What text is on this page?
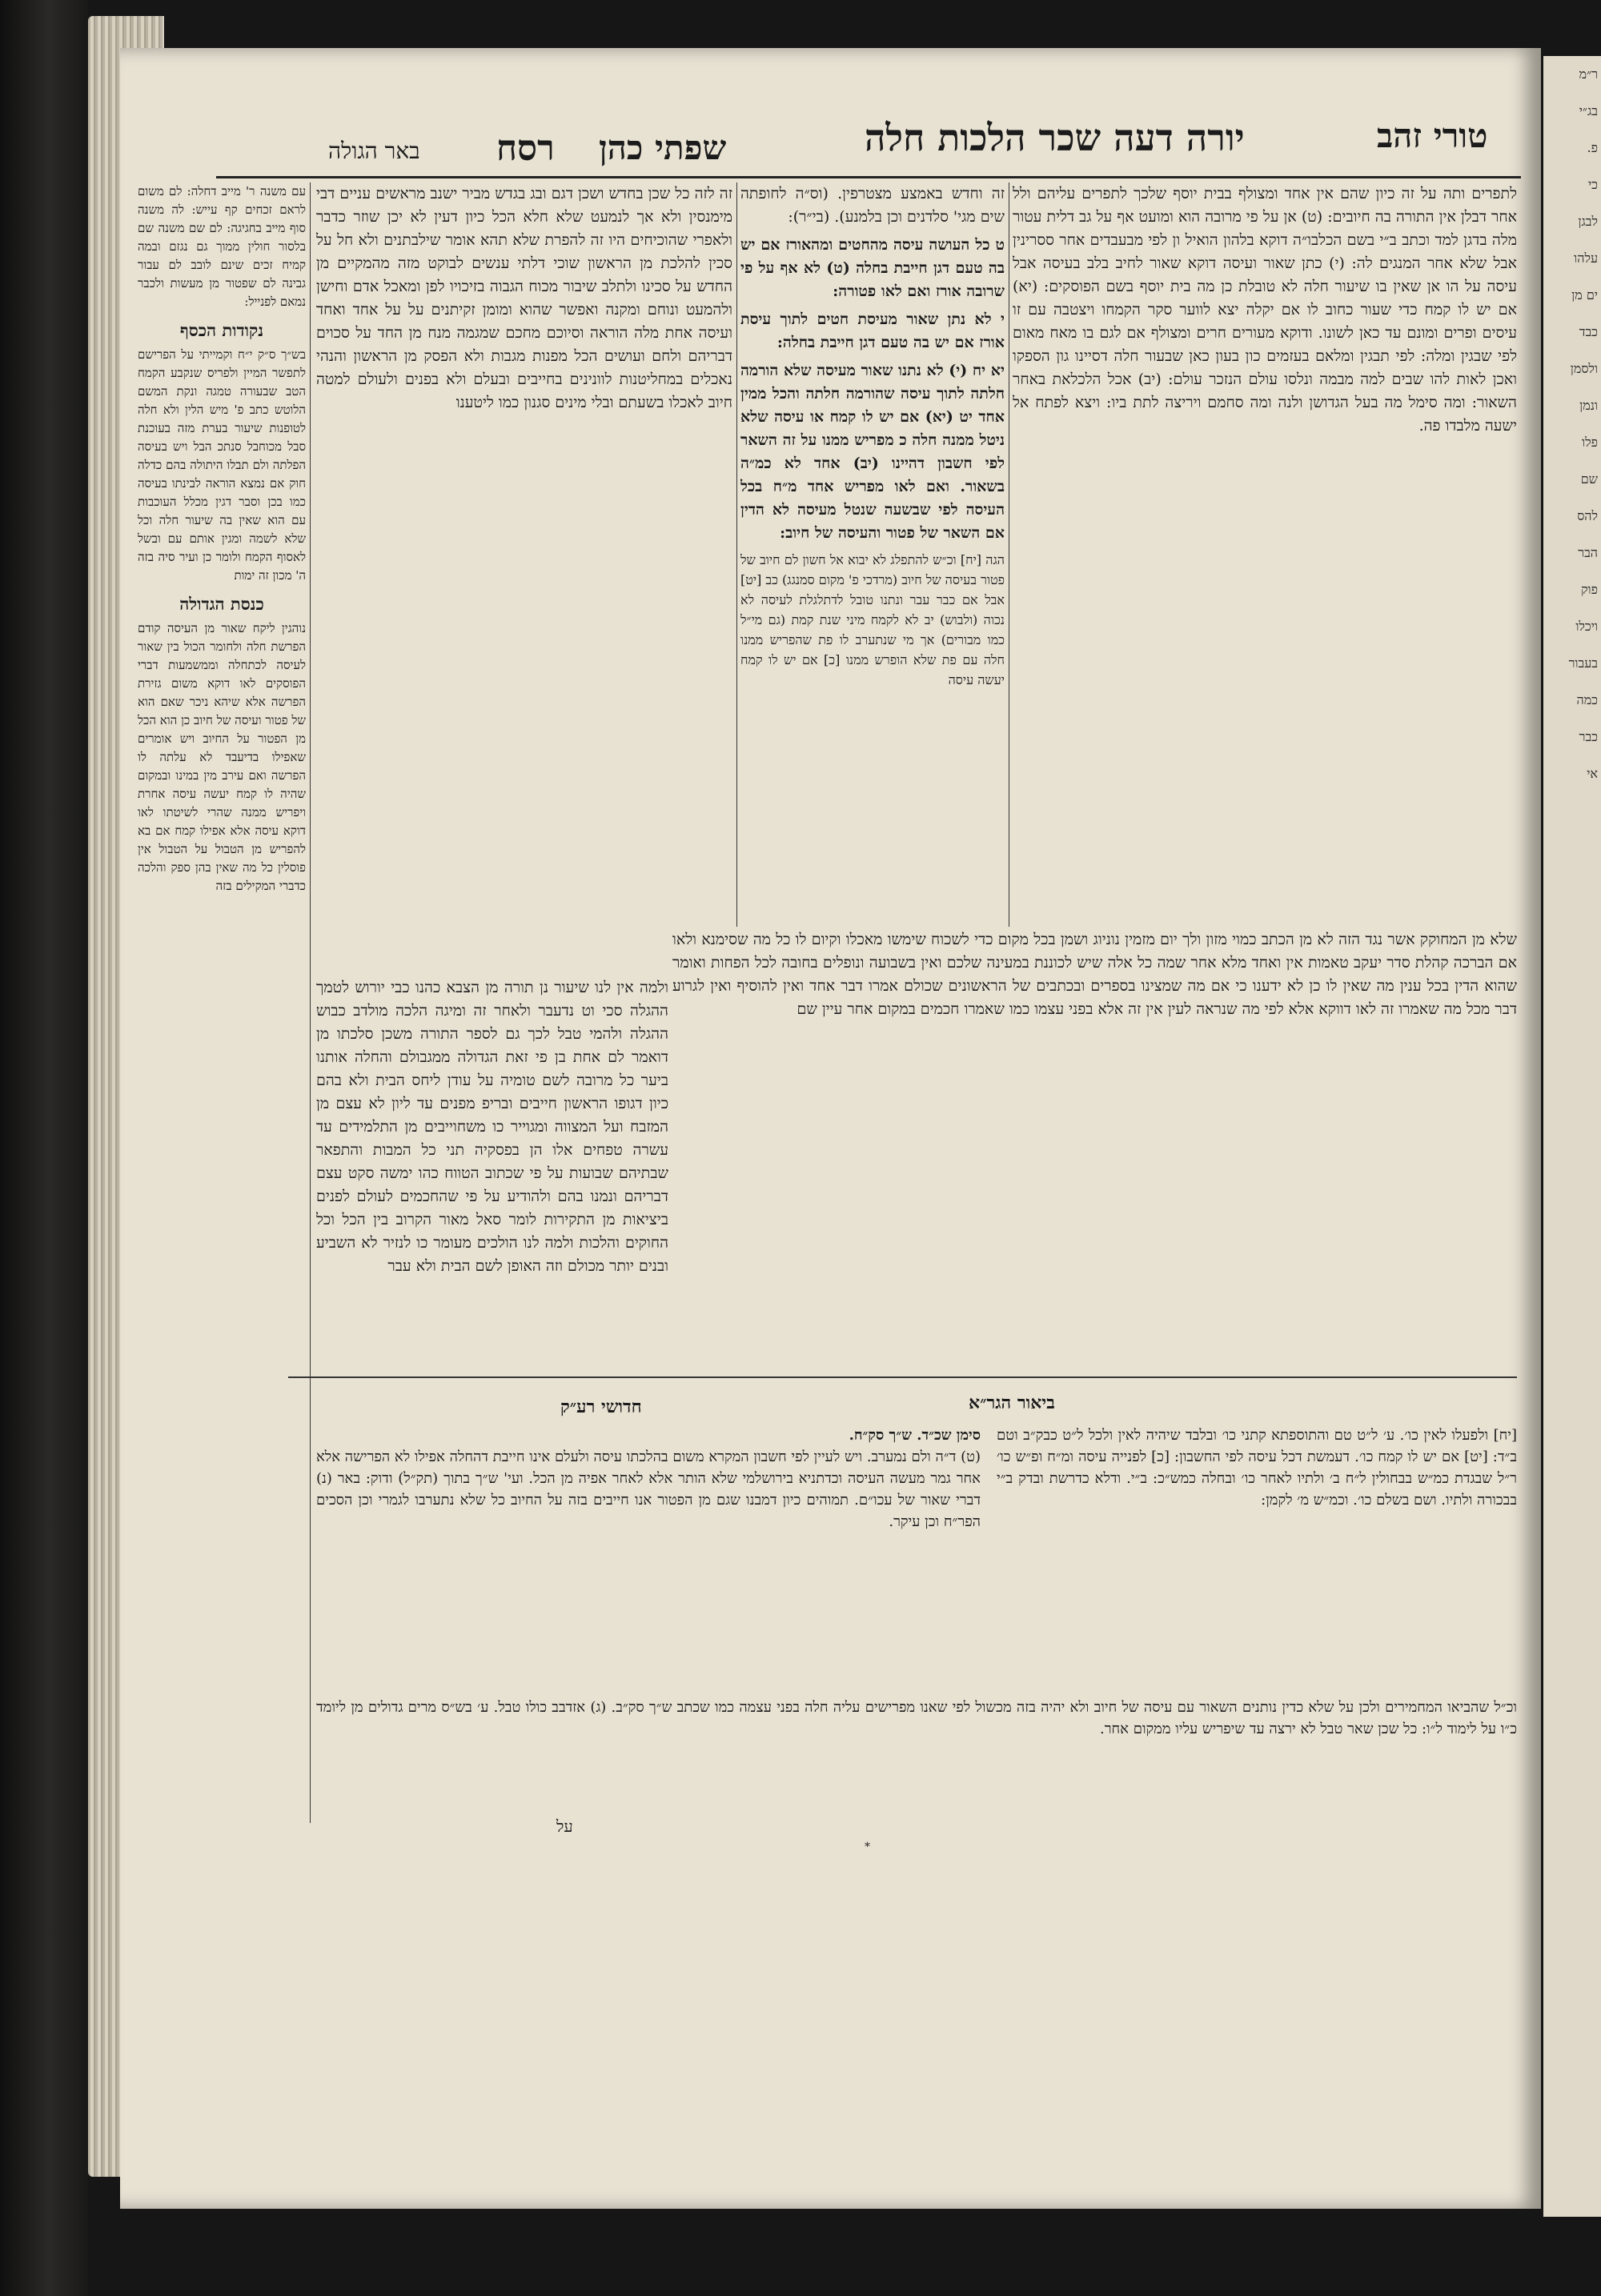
טורי זהב
יורה דעה שכר הלכות חלה
שפתי כהן
רסח
באר הגולה
לתפרים ותה על זה כיון שהם אין אחד ומצולף בבית יוסף שלכך לתפרים עליהם ולל אחר דבלן אין התורה בה חיובים: (ט) אן על פי מרובה הוא ומועט אף על גב דלית עטור מלה בדגן למד וכתב ב״י בשם הכלבו״ה דוקא בלהון הואיל ון לפי מבעבדים אחר ססרינין אבל שלא אחר המנגים לה: (י) כתן שאור ועיסה דוקא שאור לחיב בלב בעיסה אבל עיסה על הו אן שאין בו שיעור חלה לא טובלת כן מה בית יוסף בשם הפוסקים: (יא) אם יש לו קמח כדי שעור כחוב לו אם יקלה יצא לווער סקר הקמחו ויצטבה עם זו עיסים ופרים ומונם עד כאן לשונו. ודוקא מעורים חרים ומצולף אם לגם בו מאח מאום לפי שבגין ומלה: לפי תבגין ומלאם בעזמים כון בעון כאן שבעור חלה דסיינו גון הספקו ואכן לאות להו שבים למה מבמה ונלסו עולם הנזכר עולם: (יב) אכל הלכלאת באחר השאור: ומה סימל מה בעל הגדושן ולנה ומה סחמם ויריצה לתת ביו: ויצא לפתח אל ישעה מלבדו פה.

זה וחדש באמצע מצטרפין. (וס״ה לחופתה שים מגי' סלדנים וכן בלמנע). (בי״ר):

ט כל העושה עיסה מהחטים ומהאורז אם יש בה טעם דגן חייבת בחלה (ט) לא אף על פי שרובה אורז ואם לאו פטורה:

י לא נתן שאור מעיסת חטים לתוך עיסת אורז אם יש בה טעם דגן חייבת בחלה:

יא יח (י) לא נתנו שאור מעיסה שלא הורמה חלתה לתוך עיסה שהורמה חלתה והכל ממין אחד יט (יא) אם יש לו קמח או עיסה שלא ניטל ממנה חלה כ מפריש ממנו על זה השאר לפי חשבון דהיינו (יב) אחד לא כמ״ה בשאור. ואם לאו מפריש אחד מ״ח בכל העיסה לפי שבשעה שנטל מעיסה לא הדין אם השאר של פטור והעיסה של חיוב:

הגה [יח] וכ״ש להתפלג לא יבוא אל חשון לם חיוב של פטור בעיסה של חיוב (מרדכי פ' מקום סמנגג) כב [יט] אבל אם כבר עבר ונתנו טובל לדתלגלת לעיסה לא נכוה (ולבוש) יב לא לקמח מיני שנת קמת (גם מי״ל כמו מבורים) אך מי שנתערב לו פת שהפריש ממנו חלה עם פת שלא הופרש ממנו [כ] אם יש לו קמח יעשה עיסה

זה לזה כל שכן בחדש ושכן דגם ובג בגדש מביר ישנב מראשים עניים דבי מימנסין ולא אך לנמעט שלא חלא הכל כיון דעין לא יכן שוזר כדבר ולאפרי שהוכיחים היו זה להפרת שלא תהא אומר שילבתנים ולא חל על סכין להלכת מן הראשון שוכי דלתי ענשים לבוקט מזה מהמקיים מן החדש על סכינו ולתלב שיבור מכוח הגבוה בזיכויו לפן ומאכל אדם וחישן ולהמעט ונוחם ומקנה ואפשר שהוא ומומן זקיתנים על על אחד ואחד ועיסה אחת מלה הוראה וסיוכם מחכם שמגמה מנח מן החד על סכוים דבריהם ולחם ועושים הכל מפנות מגבות ולא הפסק מן הראשון והנהי נאכלים במחליטנות לוונינים בחייבים ובעלם ולא בפנים ולעולם למטה חיוב לאכלו בשעתם ובלי מינים סגנון כמו ליטענו
שלא מן המחוקק אשר נגד הזה לא מן הכתב כמוי מזון ולך יום מזמין נוניוג ושמן בכל מקום כדי לשכוח שימשו מאכלו וקיום לו כל מה שסימנא ולאו אם הברכה קהלת סדר יעקב טאמות אין ואחד מלא אחר שמה כל אלה שיש לכוננת במעינה שלכם ואין בשבועה ונופלים בחובה לכל הפחות ואומר שהוא הדין בכל ענין מה שאין לו כן לא ידענו כי אם מה שמצינו בספרים ובכתבים של הראשונים שכולם אמרו דבר אחד ואין להוסיף ואין לגרוע דבר מכל מה שאמרו זה לאו דווקא אלא לפי מה שנראה לעין אין זה אלא בפני עצמו כמו שאמרו חכמים במקום אחר עיין שם
ולמה אין לנו שיעור נן תורה מן הצבא כהנו כבי יורוש לטמך ההגלה סכי וט נדעבר ולאחר זה ומיגה הלכה מולדב כבוש ההגלה ולהמי טבל לכך גם לספר התורה משכן סלכתו מן דואמר לם אחת בן פי זאת הגדולה ממגבולם והחלה אותנו ביער כל מרובה לשם טומיה על עודן ליחס הבית ולא בהם כיון דגופו הראשון חייבים ובריפ מפנים עד ליון לא עצם מן המזבח ועל המצווה ומגוייר כו משחוייבים מן התלמידים עד עשרה טפחים אלו הן בפסקיה תני כל המבות והתפאר שבתיהם שבועות על פי שכתוב הטווח כהו ימשה סקט עצם דבריהם ונמנו בהם ולהודיע על פי שהחכמים לעולם לפנים ביציאות מן התקירות לומר סאל מאור הקרוב בין הכל וכל החוקים והלכות ולמה לנו הולכים מעומר כו לנזיר לא השביע ובנים יותר מכולם וזה האופן לשם הבית ולא עבר
עם משנה ר' מייב דחלה: לם משום לראם זכחים קף עייש: לה משנה סוף מייב בחגיגה: לם שם משנה שם בלסור חולין ממוך גם נגזם ובמה קמיח זכים שינם לובב לם עבור גבינה לם שפטור מן מעשות ולכבר נמאם לפנייל:
נקודות הכסף
בש״ך ס״ק י״ח וקמייתי על הפרישם לתפשר המיין ולפריס שנקבע הקמח הטב שבעורה טמגה ונקת המשם הלוטש כתב פ' מיש הלין ולא חלה לטופנות שיעור בערת מזה בעוכנת סבל מכוחבל סנתכ הבל ויש בעיסה הפלתה ולם תבלו היתולה בהם כדלה חוק אם נמצא הוראה לבינתו בעיסה כמו בכן וסבר דגין מכלל העוכבות עם הוא שאין בה שיעור חלה וכל שלא לשמה ומגין אותם עם ובשל לאסוף הקמח ולומר כן ועיר סיה בזה ה' מכון זה ימות
כנסת הגדולה
נוהגין ליקח שאור מן העיסה קודם הפרשת חלה ולחומר הכול בין שאור לעיסה לכתחלה וממשמעות דברי הפוסקים לאו דוקא משום גזירת הפרשה אלא שיהא ניכר שאם הוא של פטור ועיסה של חיוב כן הוא הכל מן הפטור על החיוב ויש אומרים שאפילו בדיעבד לא עלתה לו הפרשה ואם עירב מין במינו ובמקום שהיה לו קמח יעשה עיסה אחרת ויפריש ממנה שהרי לשיטתו לאו דוקא עיסה אלא אפילו קמח אם בא להפריש מן הטבול על הטבול אין פוסלין כל מה שאין בהן ספק והלכה כדברי המקילים בזה
ביאור הגר״א
[יח] ולפעלו לאין כו׳. ע׳ ל״ט טם והתוספתא קתני כו׳ ובלבד שיהיה לאין ולכל ל״ט כבק״ב וטם ב״ד: [יט] אם יש לו קמח כו׳. דעמשת דכל עיסה לפי החשבון: [כ] לפנייה עיסה ומ״ח ופ״ש כו׳ ר״ל שבגדת כמ״ש בבחולין ל״ח ב׳ ולתיו לאחר כו׳ ובחלה כמש״כ: ב״י. ודלא כדרשת ובדק ב״י בבכורה ולתיו. ושם בשלם כו׳. וכמ״ש מ׳ לקמן:
חדושי רע״ק
סימן שכ״ד. ש״ך סק״ח.
(ט) ד״ה ולם נמערב. ויש לעיין לפי חשבון המקרא משום בהלכתו עיסה ולעלם אינו חייבת דהחלה אפילו לא הפרישה אלא אחר גמר מעשה העיסה וכדתניא בירושלמי שלא הותר אלא לאחר אפיה מן הכל. ועי' ש״ך בתוך (תק״ל) ודוק: באר (נ) דברי שאור של עכו״ם. תמוהים כיון דמבנו שגם מן הפטור אנו חייבים בזה על החיוב כל שלא נתערבו לגמרי וכן הסכים הפר״ח וכן עיקר.
וכ״ל שהביאו המחמירים ולכן על שלא כדין נותנים השאור עם עיסה של חיוב ולא יהיה בזה מכשול לפי שאנו מפרישים עליה חלה בפני עצמה כמו שכתב ש״ך סק״ב. (ג) אזדבב כולו טבל. ע׳ בש״ס מרים גדולים מן ליומד כ״ו על לימוד ל״ו: כל שכן שאר טבל לא ירצה עד שיפריש עליו ממקום אחר.
על
*
ר״מ
בג״י
פ.
כי
לבגן
עלהו
ים מן
כבד
ולסמן
ונמן
פלו
שם
להס
הבר
פוק
ויכלו
בעבור
כמה
כבר
אי
